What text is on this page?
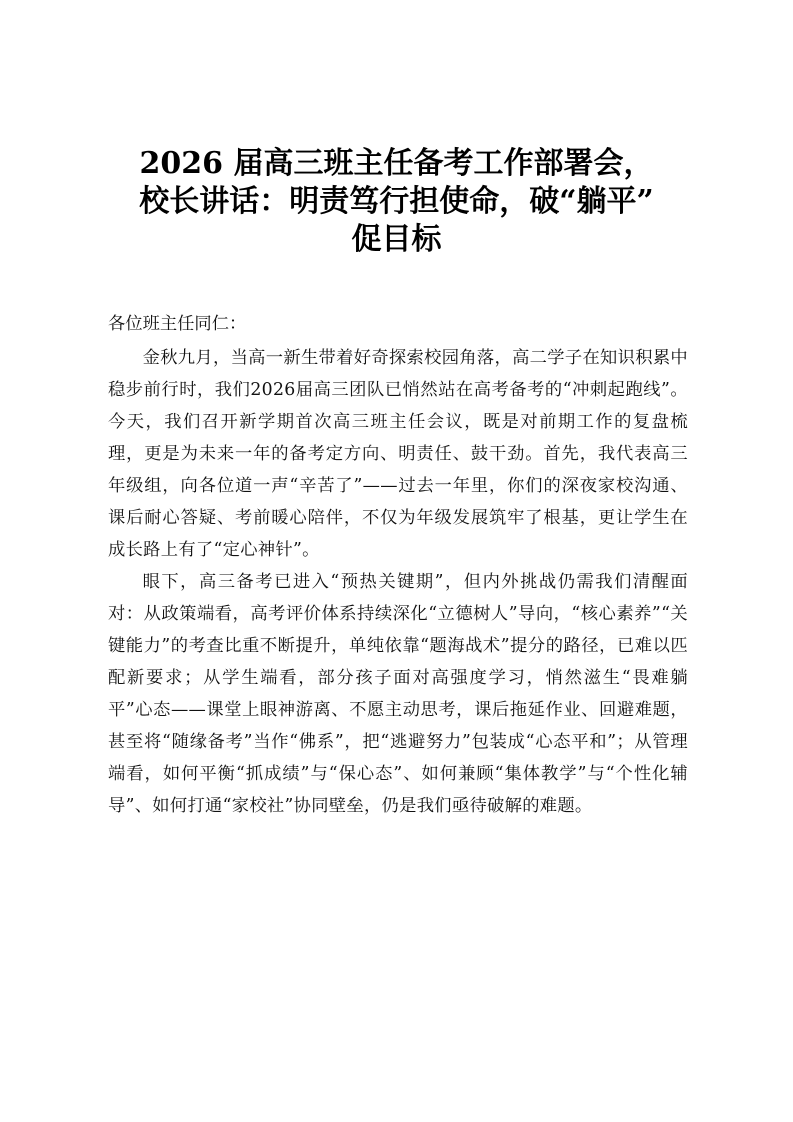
2026 届高三班主任备考工作部署会，
校长讲话：明责笃行担使命，破“躺平”
促目标

各位班主任同仁：

金秋九月，当高一新生带着好奇探索校园角落，高二学子在知识积累中稳步前行时，我们2026届高三团队已悄然站在高考备考的“冲刺起跑线”。今天，我们召开新学期首次高三班主任会议，既是对前期工作的复盘梳理，更是为未来一年的备考定方向、明责任、鼓干劲。首先，我代表高三年级组，向各位道一声“辛苦了”——过去一年里，你们的深夜家校沟通、课后耐心答疑、考前暖心陪伴，不仅为年级发展筑牢了根基，更让学生在成长路上有了“定心神针”。

眼下，高三备考已进入“预热关键期”，但内外挑战仍需我们清醒面对：从政策端看，高考评价体系持续深化“立德树人”导向，“核心素养”“关键能力”的考查比重不断提升，单纯依靠“题海战术”提分的路径，已难以匹配新要求；从学生端看，部分孩子面对高强度学习，悄然滋生“畏难躺平”心态——课堂上眼神游离、不愿主动思考，课后拖延作业、回避难题，甚至将“随缘备考”当作“佛系”，把“逃避努力”包装成“心态平和”；从管理端看，如何平衡“抓成绩”与“保心态”、如何兼顾“集体教学”与“个性化辅导”、如何打通“家校社”协同壁垒，仍是我们亟待破解的难题。
